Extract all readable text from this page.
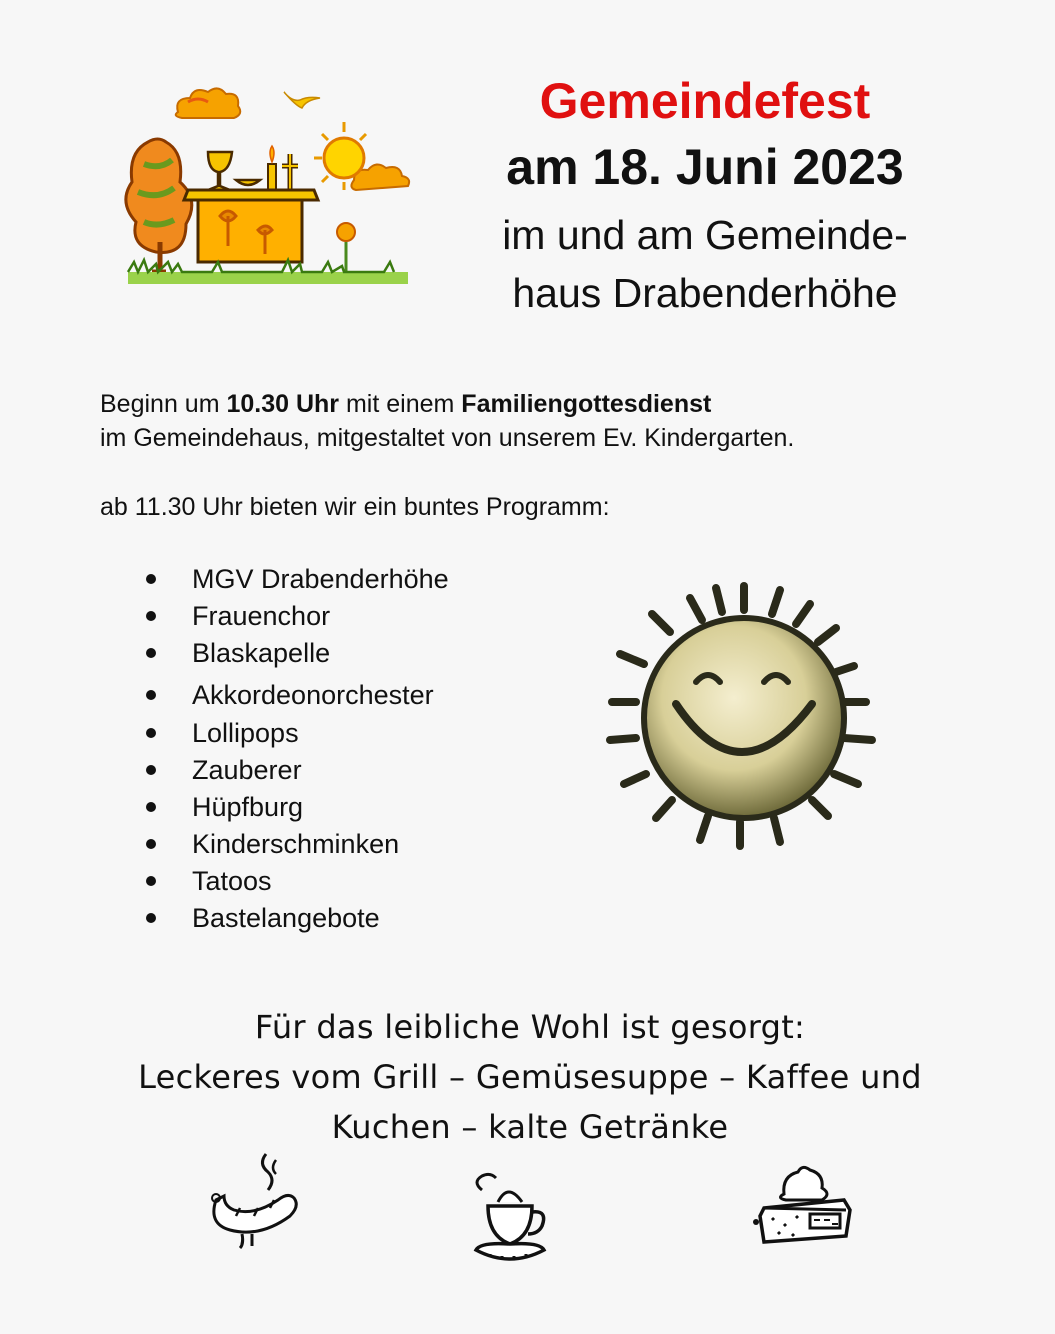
Gemeindefest

am 18. Juni 2023

im und am Gemeinde-
haus Drabenderhöhe

Beginn um 10.30 Uhr mit einem Familiengottesdienst
im Gemeindehaus, mitgestaltet von unserem Ev. Kindergarten.
ab 11.30 Uhr bieten wir ein buntes Programm:
MGV Drabenderhöhe
Frauenchor
Blaskapelle
Akkordeonorchester
Lollipops
Zauberer
Hüpfburg
Kinderschminken
Tatoos
Bastelangebote
Für das leibliche Wohl ist gesorgt:
Leckeres vom Grill – Gemüsesuppe – Kaffee und
Kuchen – kalte Getränke
